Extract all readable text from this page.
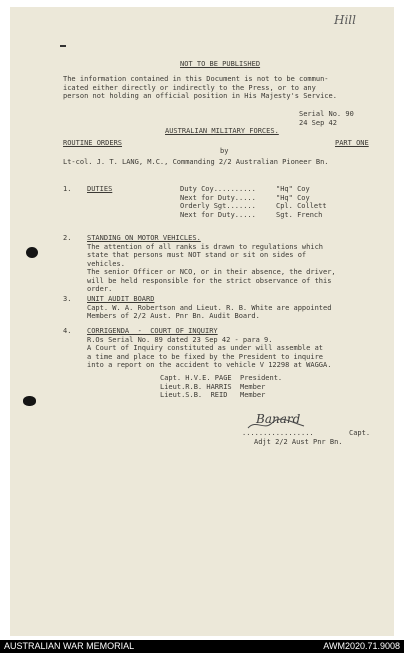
Hill
NOT TO BE PUBLISHED
The information contained in this Document is not to be commun-
icated either directly or indirectly to the Press, or to any
person not holding an official position in His Majesty's Service.
Serial No. 90
24 Sep 42
AUSTRALIAN MILITARY FORCES.
ROUTINE ORDERS	PART ONE
by
Lt-col. J. T. LANG, M.C., Commanding 2/2 Australian Pioneer Bn.
1. DUTIES	Duty Coy..........	"Hq" Coy
Next for Duty.....	"Hq" Coy
Orderly Sgt.......	Cpl. Collett
Next for Duty.....	Sgt. French
2. STANDING ON MOTOR VEHICLES.
The attention of all ranks is drawn to regulations which
state that persons must NOT stand or sit on sides of
vehicles.
The senior Officer or NCO, or in their absence, the driver,
will be held responsible for the strict observance of this
order.
3. UNIT AUDIT BOARD
Capt. W. A. Robertson and Lieut. R. B. White are appointed
Members of 2/2 Aust. Pnr Bn. Audit Board.
4. CORRIGENDA  -  COURT OF INQUIRY
R.Os Serial No. 89 dated 23 Sep 42 - para 9.
A Court of Inquiry constituted as under will assemble at
a time and place to be fixed by the President to inquire
into a report on the accident to vehicle V 12298 at WAGGA.
Capt. H.V.E. PAGE President.
Lieut.R.B. HARRIS Member
Lieut.S.B.  REID Member
Banard
.................	Capt.
Adjt 2/2 Aust Pnr Bn.
AUSTRALIAN WAR MEMORIAL	AWM2020.71.9008
